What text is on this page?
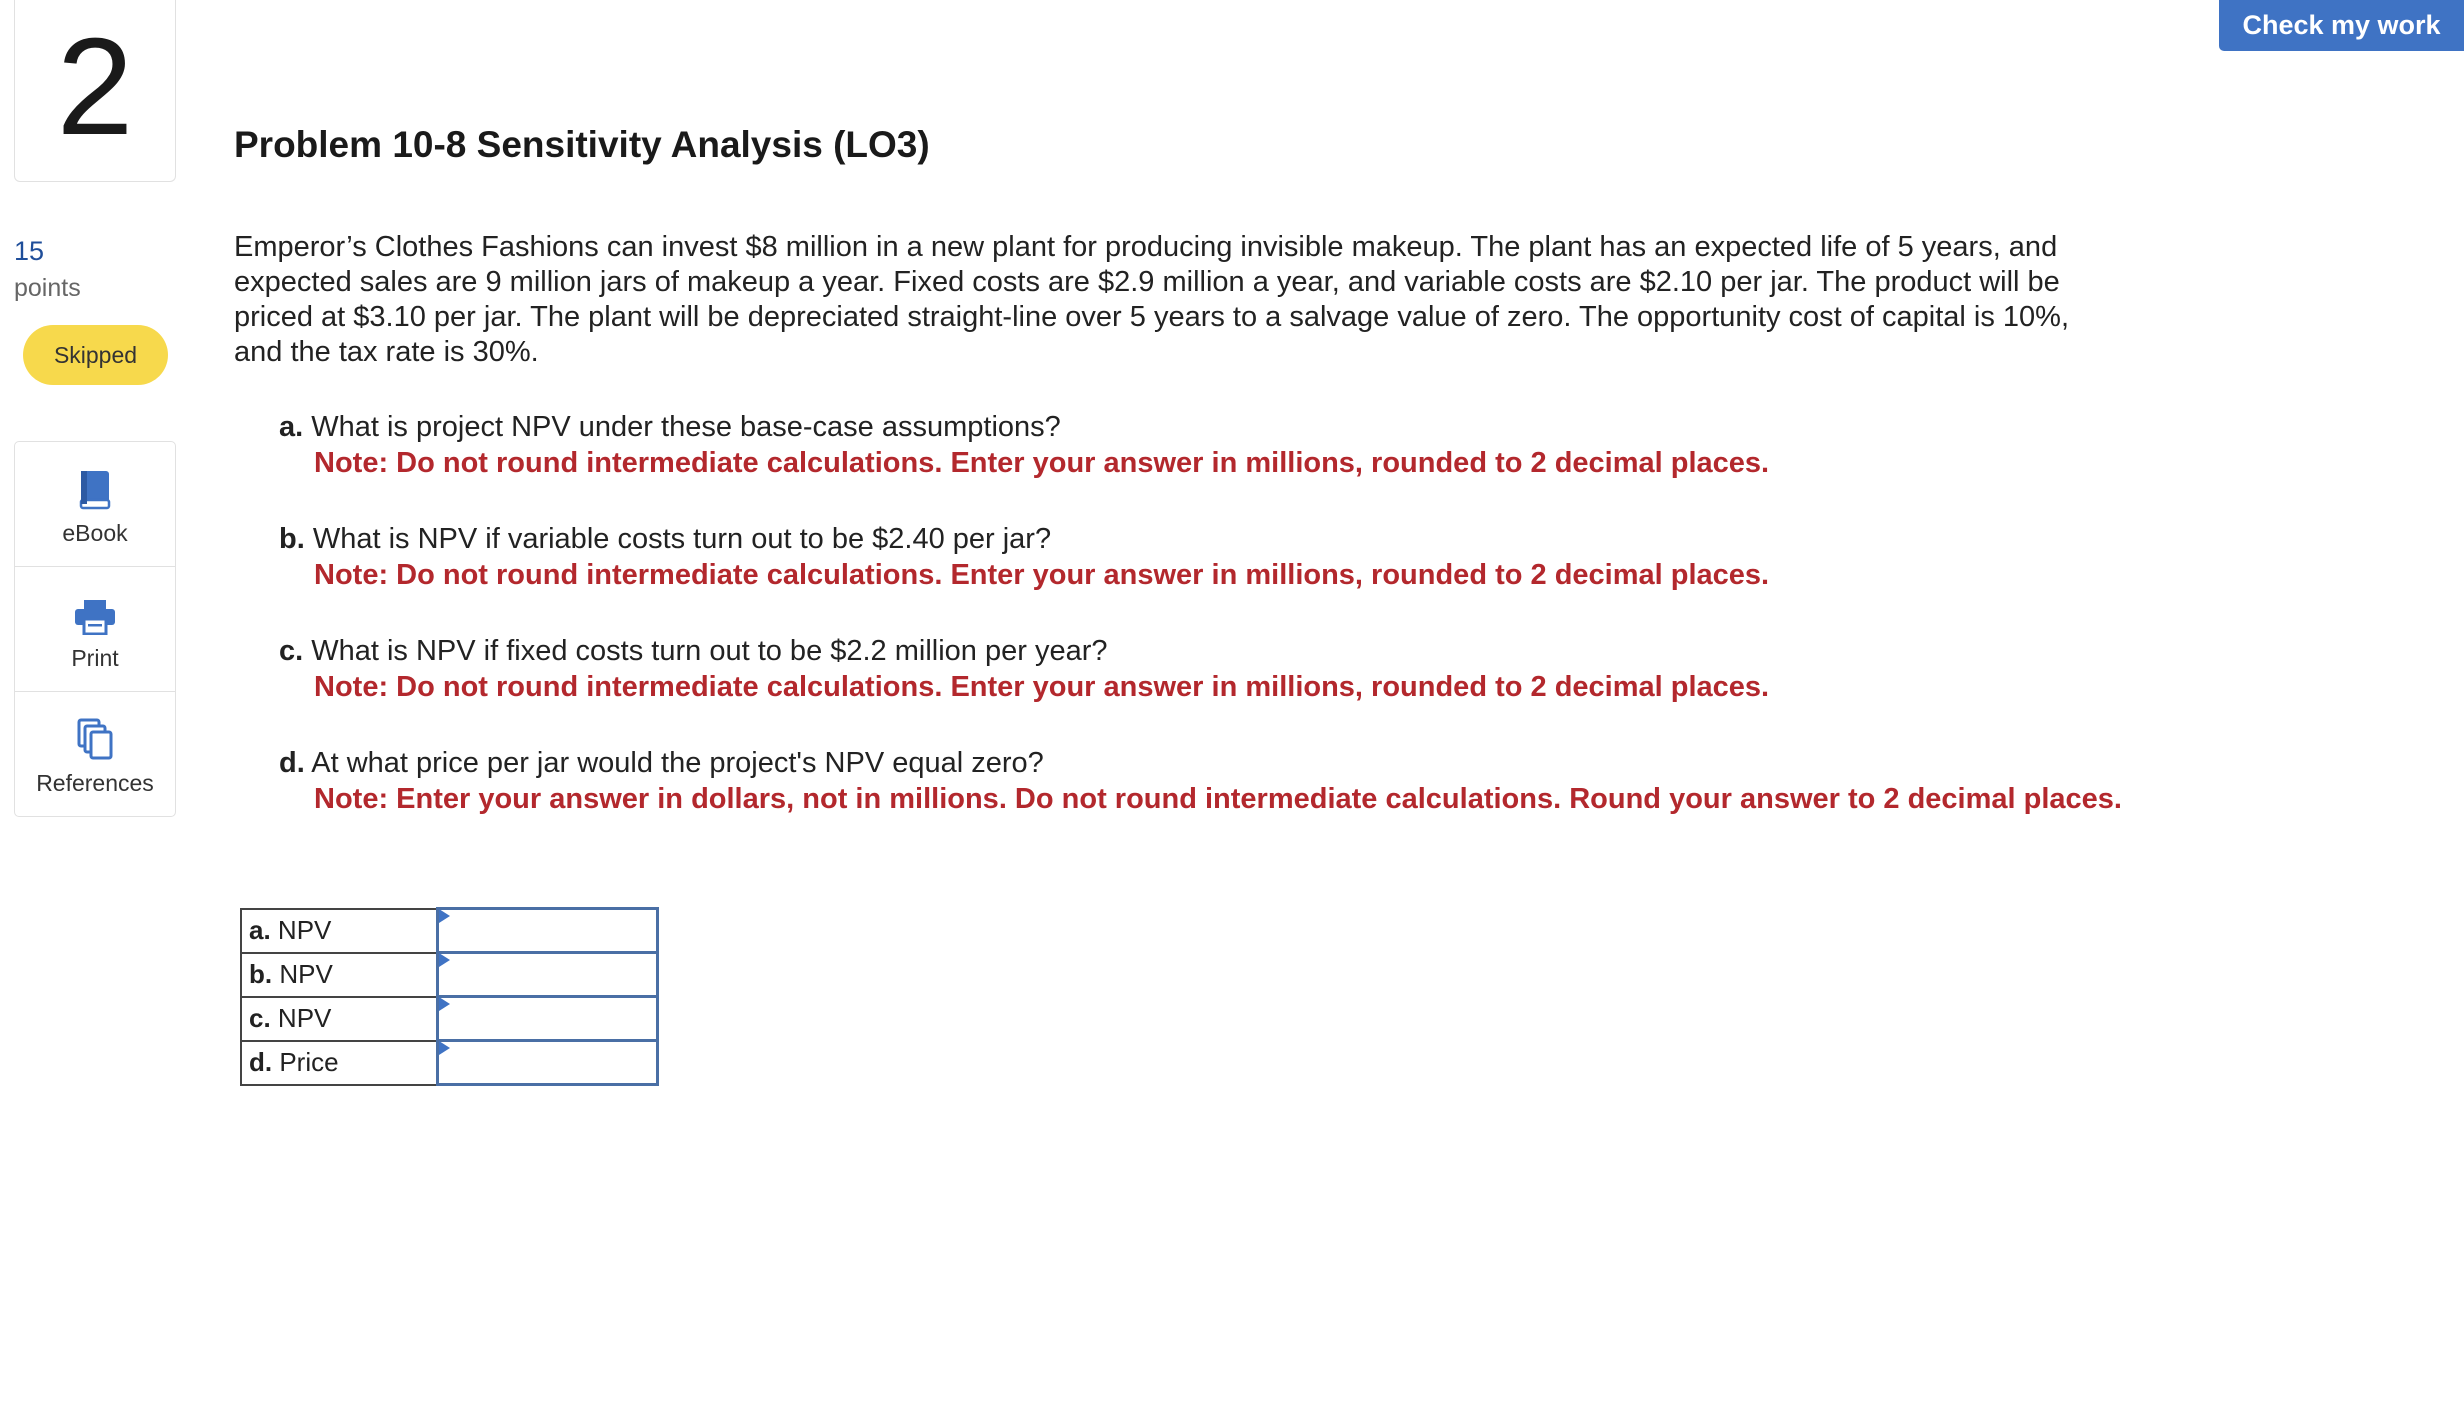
2
15
points
Skipped
eBook
Print
References
Check my work
Problem 10-8 Sensitivity Analysis (LO3)
Emperor’s Clothes Fashions can invest $8 million in a new plant for producing invisible makeup. The plant has an expected life of 5 years, and expected sales are 9 million jars of makeup a year. Fixed costs are $2.9 million a year, and variable costs are $2.10 per jar. The product will be priced at $3.10 per jar. The plant will be depreciated straight-line over 5 years to a salvage value of zero. The opportunity cost of capital is 10%, and the tax rate is 30%.
a. What is project NPV under these base-case assumptions?
Note: Do not round intermediate calculations. Enter your answer in millions, rounded to 2 decimal places.
b. What is NPV if variable costs turn out to be $2.40 per jar?
Note: Do not round intermediate calculations. Enter your answer in millions, rounded to 2 decimal places.
c. What is NPV if fixed costs turn out to be $2.2 million per year?
Note: Do not round intermediate calculations. Enter your answer in millions, rounded to 2 decimal places.
d. At what price per jar would the project's NPV equal zero?
Note: Enter your answer in dollars, not in millions. Do not round intermediate calculations. Round your answer to 2 decimal places.
a. NPV	

b. NPV	

c. NPV	

d. Price	
